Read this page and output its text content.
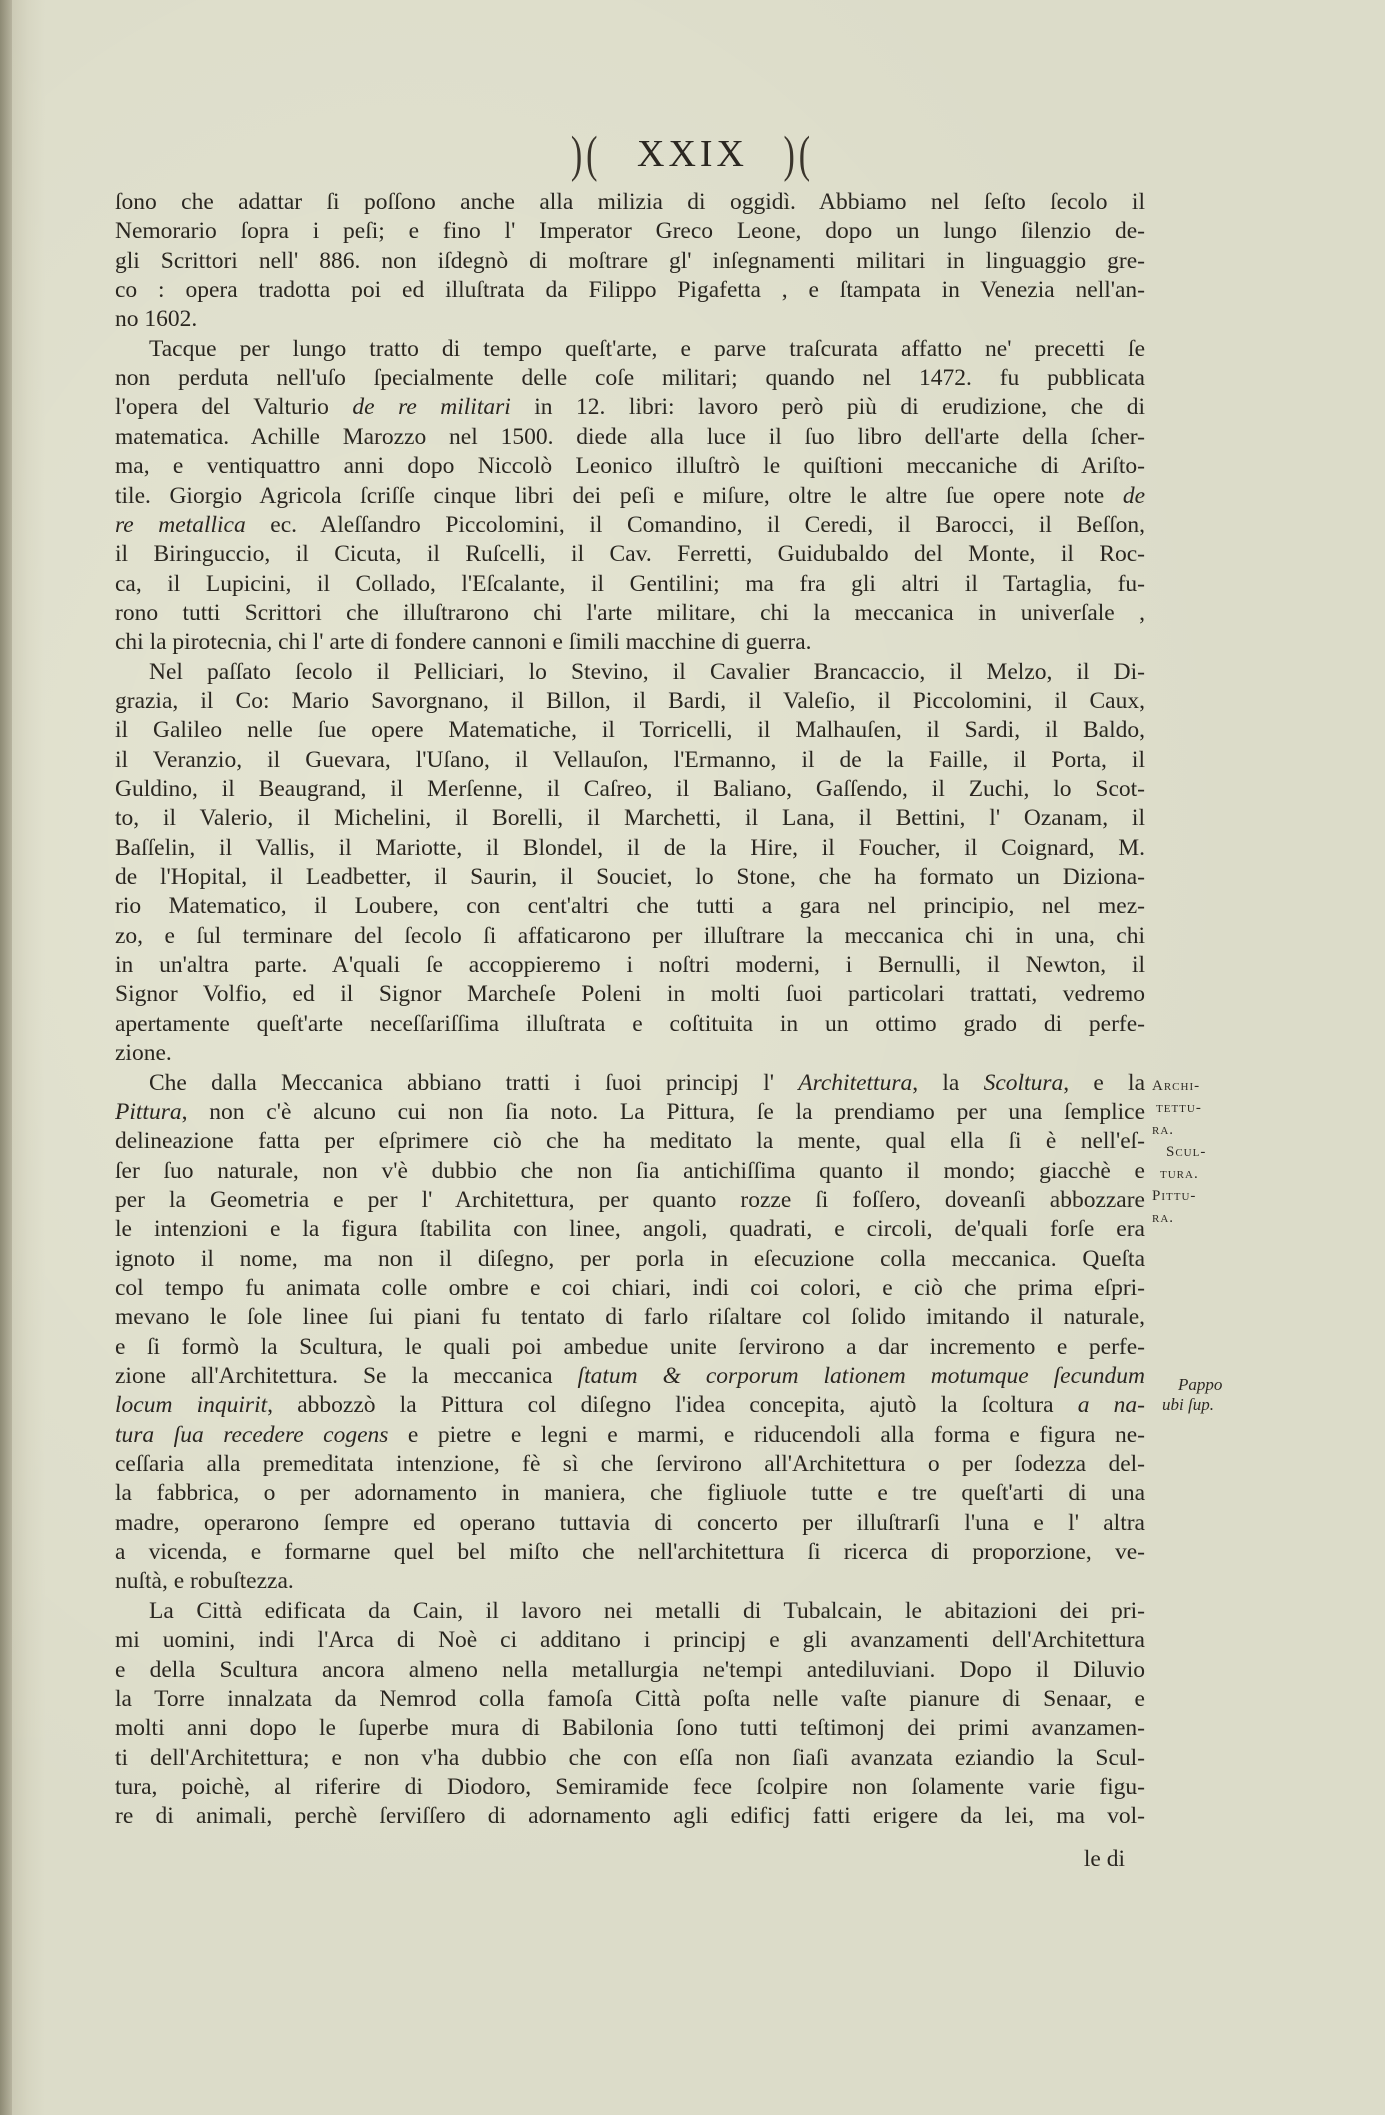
)( XXIX )(
ſono che adattar ſi poſſono anche alla milizia di oggidì. Abbiamo nel ſeſto ſecolo il
Nemorario ſopra i peſi; e fino l' Imperator Greco Leone, dopo un lungo ſilenzio de-
gli Scrittori nell' 886. non iſdegnò di moſtrare gl' inſegnamenti militari in linguaggio gre-
co : opera tradotta poi ed illuſtrata da Filippo Pigafetta , e ſtampata in Venezia nell'an-
no 1602.
Tacque per lungo tratto di tempo queſt'arte, e parve traſcurata affatto ne' precetti ſe
non perduta nell'uſo ſpecialmente delle coſe militari; quando nel 1472. fu pubblicata
l'opera del Valturio de re militari in 12. libri: lavoro però più di erudizione, che di
matematica. Achille Marozzo nel 1500. diede alla luce il ſuo libro dell'arte della ſcher-
ma, e ventiquattro anni dopo Niccolò Leonico illuſtrò le quiſtioni meccaniche di Ariſto-
tile. Giorgio Agricola ſcriſſe cinque libri dei peſi e miſure, oltre le altre ſue opere note de
re metallica ec. Aleſſandro Piccolomini, il Comandino, il Ceredi, il Barocci, il Beſſon,
il Biringuccio, il Cicuta, il Ruſcelli, il Cav. Ferretti, Guidubaldo del Monte, il Roc-
ca, il Lupicini, il Collado, l'Eſcalante, il Gentilini; ma fra gli altri il Tartaglia, fu-
rono tutti Scrittori che illuſtrarono chi l'arte militare, chi la meccanica in univerſale ,
chi la pirotecnia, chi l' arte di fondere cannoni e ſimili macchine di guerra.
Nel paſſato ſecolo il Pelliciari, lo Stevino, il Cavalier Brancaccio, il Melzo, il Di-
grazia, il Co: Mario Savorgnano, il Billon, il Bardi, il Valeſio, il Piccolomini, il Caux,
il Galileo nelle ſue opere Matematiche, il Torricelli, il Malhauſen, il Sardi, il Baldo,
il Veranzio, il Guevara, l'Uſano, il Vellauſon, l'Ermanno, il de la Faille, il Porta, il
Guldino, il Beaugrand, il Merſenne, il Caſreo, il Baliano, Gaſſendo, il Zuchi, lo Scot-
to, il Valerio, il Michelini, il Borelli, il Marchetti, il Lana, il Bettini, l' Ozanam, il
Baſſelin, il Vallis, il Mariotte, il Blondel, il de la Hire, il Foucher, il Coignard, M.
de l'Hopital, il Leadbetter, il Saurin, il Souciet, lo Stone, che ha formato un Diziona-
rio Matematico, il Loubere, con cent'altri che tutti a gara nel principio, nel mez-
zo, e ſul terminare del ſecolo ſi affaticarono per illuſtrare la meccanica chi in una, chi
in un'altra parte. A'quali ſe accoppieremo i noſtri moderni, i Bernulli, il Newton, il
Signor Volfio, ed il Signor Marcheſe Poleni in molti ſuoi particolari trattati, vedremo
apertamente queſt'arte neceſſariſſima illuſtrata e coſtituita in un ottimo grado di perfe-
zione.
Che dalla Meccanica abbiano tratti i ſuoi principj l' Architettura, la Scoltura, e la
Pittura, non c'è alcuno cui non ſia noto. La Pittura, ſe la prendiamo per una ſemplice
delineazione fatta per eſprimere ciò che ha meditato la mente, qual ella ſi è nell'eſ-
ſer ſuo naturale, non v'è dubbio che non ſia antichiſſima quanto il mondo; giacchè e
per la Geometria e per l' Architettura, per quanto rozze ſi foſſero, doveanſi abbozzare
le intenzioni e la figura ſtabilita con linee, angoli, quadrati, e circoli, de'quali forſe era
ignoto il nome, ma non il diſegno, per porla in eſecuzione colla meccanica. Queſta
col tempo fu animata colle ombre e coi chiari, indi coi colori, e ciò che prima eſpri-
mevano le ſole linee ſui piani fu tentato di farlo riſaltare col ſolido imitando il naturale,
e ſi formò la Scultura, le quali poi ambedue unite ſervirono a dar incremento e perfe-
zione all'Architettura. Se la meccanica ſtatum & corporum lationem motumque ſecundum
locum inquirit, abbozzò la Pittura col diſegno l'idea concepita, ajutò la ſcoltura a na-
tura ſua recedere cogens e pietre e legni e marmi, e riducendoli alla forma e figura ne-
ceſſaria alla premeditata intenzione, fè sì che ſervirono all'Architettura o per ſodezza del-
la fabbrica, o per adornamento in maniera, che figliuole tutte e tre queſt'arti di una
madre, operarono ſempre ed operano tuttavia di concerto per illuſtrarſi l'una e l' altra
a vicenda, e formarne quel bel miſto che nell'architettura ſi ricerca di proporzione, ve-
nuſtà, e robuſtezza.
La Città edificata da Cain, il lavoro nei metalli di Tubalcain, le abitazioni dei pri-
mi uomini, indi l'Arca di Noè ci additano i principj e gli avanzamenti dell'Architettura
e della Scultura ancora almeno nella metallurgia ne'tempi antediluviani. Dopo il Diluvio
la Torre innalzata da Nemrod colla famoſa Città poſta nelle vaſte pianure di Senaar, e
molti anni dopo le ſuperbe mura di Babilonia ſono tutti teſtimonj dei primi avanzamen-
ti dell'Architettura; e non v'ha dubbio che con eſſa non ſiaſi avanzata eziandio la Scul-
tura, poichè, al riferire di Diodoro, Semiramide fece ſcolpire non ſolamente varie figu-
re di animali, perchè ſerviſſero di adornamento agli edificj fatti erigere da lei, ma vol-
Archi-
tettu-
ra.
Scul-
tura.
Pittu-
ra.
Pappo
ubi ſup.
le di
